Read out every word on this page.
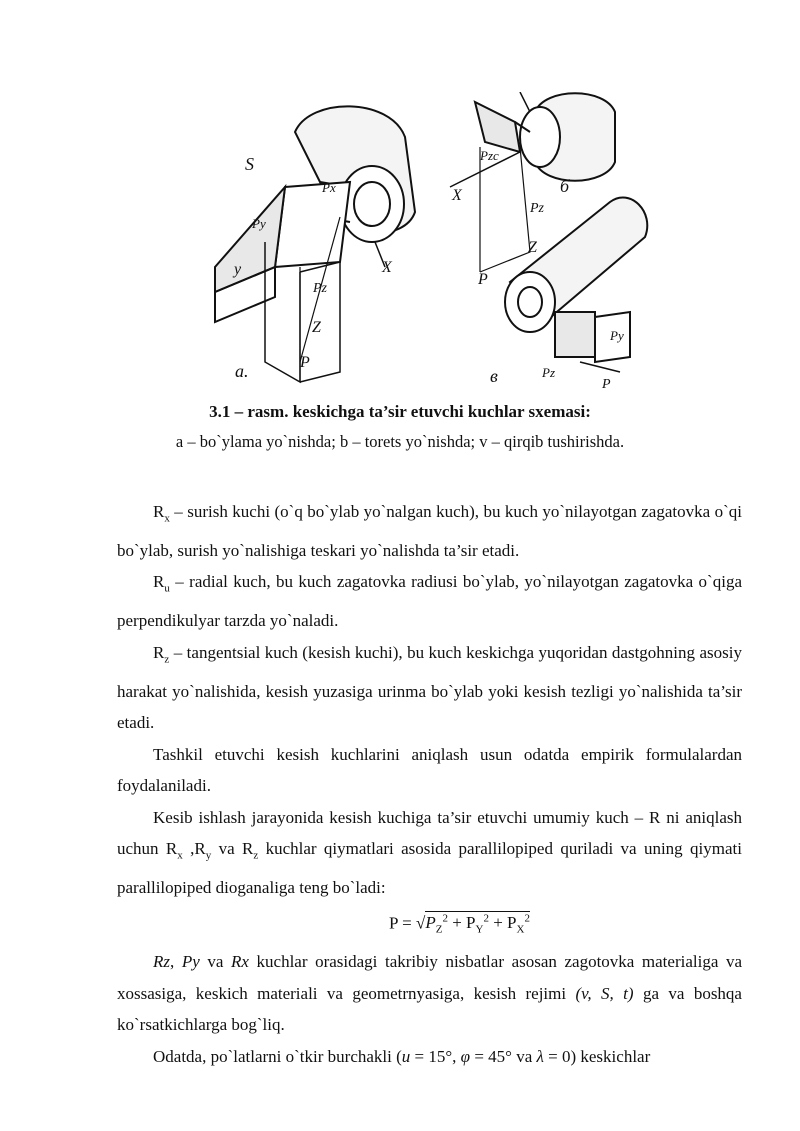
S
Px
X
Py
y
Pz
Z
P
a.
Pzc
X
Pz
Z
P
б
Py
Pz
P
в
3.1 – rasm. keskichga ta’sir etuvchi kuchlar sxemasi:
a – bo`ylama yo`nishda; b – torets yo`nishda; v – qirqib tushirishda.

$R_x$ – surish kuchi (o`q bo`ylab yo`nalgan kuch), bu kuch yo`nilayotgan zagatovka o`qi bo`ylab, surish yo`nalishiga teskari yo`nalishda ta’sir etadi.

$R_u$ – radial kuch, bu kuch zagatovka radiusi bo`ylab, yo`nilayotgan zagatovka o`qiga perpendikulyar tarzda yo`naladi.

$R_z$ – tangentsial kuch (kesish kuchi), bu kuch keskichga yuqoridan dastgohning asosiy harakat yo`nalishida, kesish yuzasiga urinma bo`ylab yoki kesish tezligi yo`nalishida ta’sir etadi.

Tashkil etuvchi kesish kuchlarini aniqlash usun odatda empirik formulalardan foydalaniladi.

Kesib ishlash jarayonida kesish kuchiga ta’sir etuvchi umumiy kuch – R ni aniqlash uchun $R_x$ $,R_y$ va $R_z$ kuchlar qiymatlari asosida parallilopiped quriladi va uning qiymati parallilopiped dioganaliga teng bo`ladi:

$P = √P_Z^2 + P_Y^2 + P_X^2$

Rz, Py va Rx kuchlar orasidagi takribiy nisbatlar asosan zagotovka materialiga va xossasiga, keskich materiali va geometrnyasiga, kesish rejimi (v, S, t) ga va boshqa ko`rsatkichlarga bog`liq.

Odatda, po`latlarni o`tkir burchakli (u = 15°, φ = 45° va λ = 0) keskichlar
